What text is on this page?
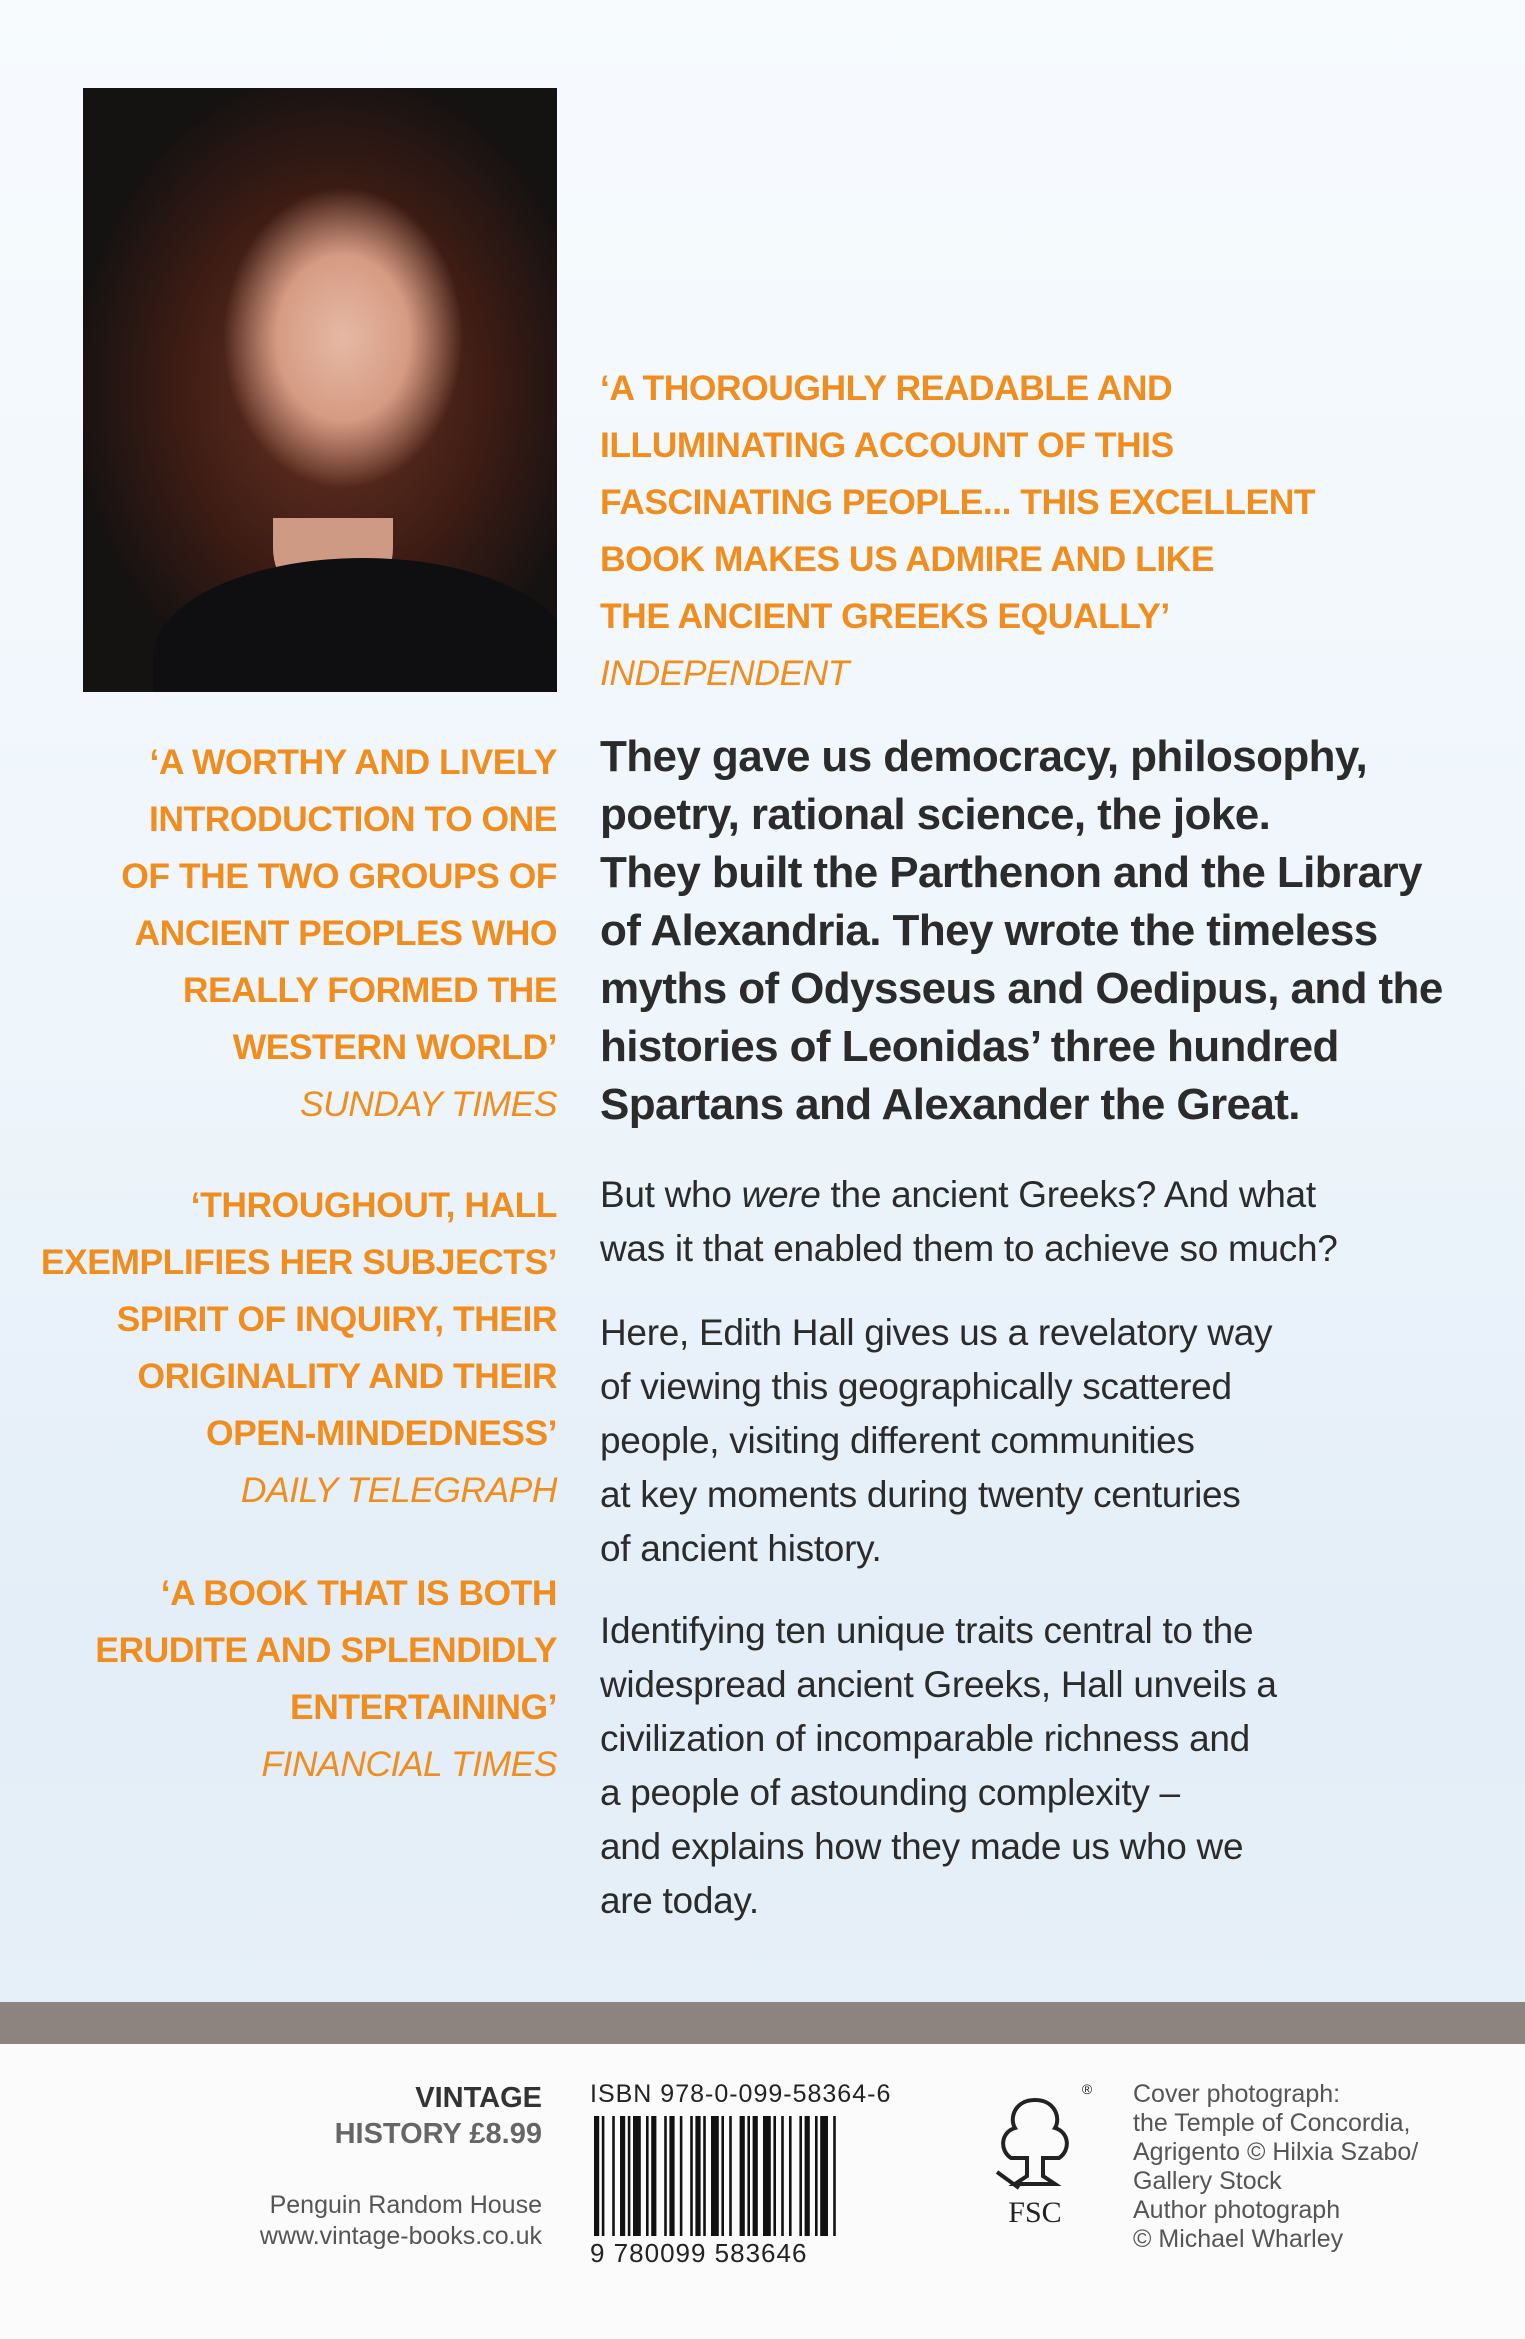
‘A THOROUGHLY READABLE AND
ILLUMINATING ACCOUNT OF THIS
FASCINATING PEOPLE... THIS EXCELLENT
BOOK MAKES US ADMIRE AND LIKE
THE ANCIENT GREEKS EQUALLY’
INDEPENDENT
‘A WORTHY AND LIVELY
INTRODUCTION TO ONE
OF THE TWO GROUPS OF
ANCIENT PEOPLES WHO
REALLY FORMED THE
WESTERN WORLD’
SUNDAY TIMES
‘THROUGHOUT, HALL
EXEMPLIFIES HER SUBJECTS’
SPIRIT OF INQUIRY, THEIR
ORIGINALITY AND THEIR
OPEN-MINDEDNESS’
DAILY TELEGRAPH
‘A BOOK THAT IS BOTH
ERUDITE AND SPLENDIDLY
ENTERTAINING’
FINANCIAL TIMES
They gave us democracy, philosophy,
poetry, rational science, the joke.
They built the Parthenon and the Library
of Alexandria. They wrote the timeless
myths of Odysseus and Oedipus, and the
histories of Leonidas’ three hundred
Spartans and Alexander the Great.
But who were the ancient Greeks? And what
was it that enabled them to achieve so much?
Here, Edith Hall gives us a revelatory way
of viewing this geographically scattered
people, visiting different communities
at key moments during twenty centuries
of ancient history.
Identifying ten unique traits central to the
widespread ancient Greeks, Hall unveils a
civilization of incomparable richness and
a people of astounding complexity –
and explains how they made us who we
are today.
VINTAGE
HISTORY £8.99
Penguin Random House
www.vintage-books.co.uk
ISBN 978-0-099-58364-6
9 780099 583646
FSC
® Cover photograph:
the Temple of Concordia,
Agrigento © Hilxia Szabo/
Gallery Stock
Author photograph
© Michael Wharley
